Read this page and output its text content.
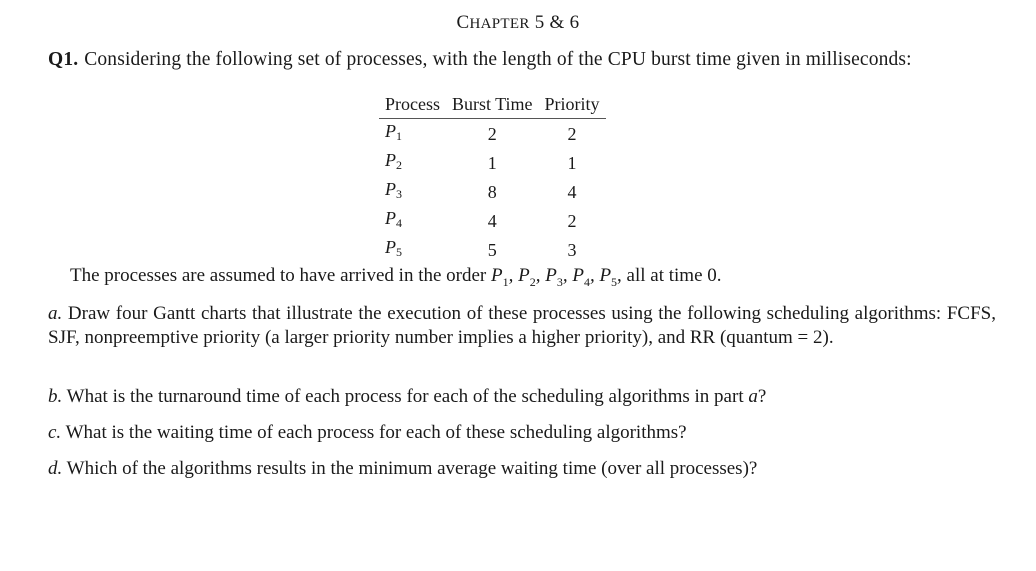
CHAPTER 5 & 6
Q1. Considering the following set of processes, with the length of the CPU burst time given in milliseconds:
Process	Burst Time	Priority
$P_1$	2	2
$P_2$	1	1
$P_3$	8	4
$P_4$	4	2
$P_5$	5	3
The processes are assumed to have arrived in the order $P_1$, $P_2$, $P_3$, $P_4$, $P_5$, all at time 0.
a. Draw four Gantt charts that illustrate the execution of these processes using the following scheduling algorithms: FCFS, SJF, nonpreemptive priority (a larger priority number implies a higher priority), and RR (quantum = 2).
b. What is the turnaround time of each process for each of the scheduling algorithms in part a?
c. What is the waiting time of each process for each of these scheduling algorithms?
d. Which of the algorithms results in the minimum average waiting time (over all processes)?
